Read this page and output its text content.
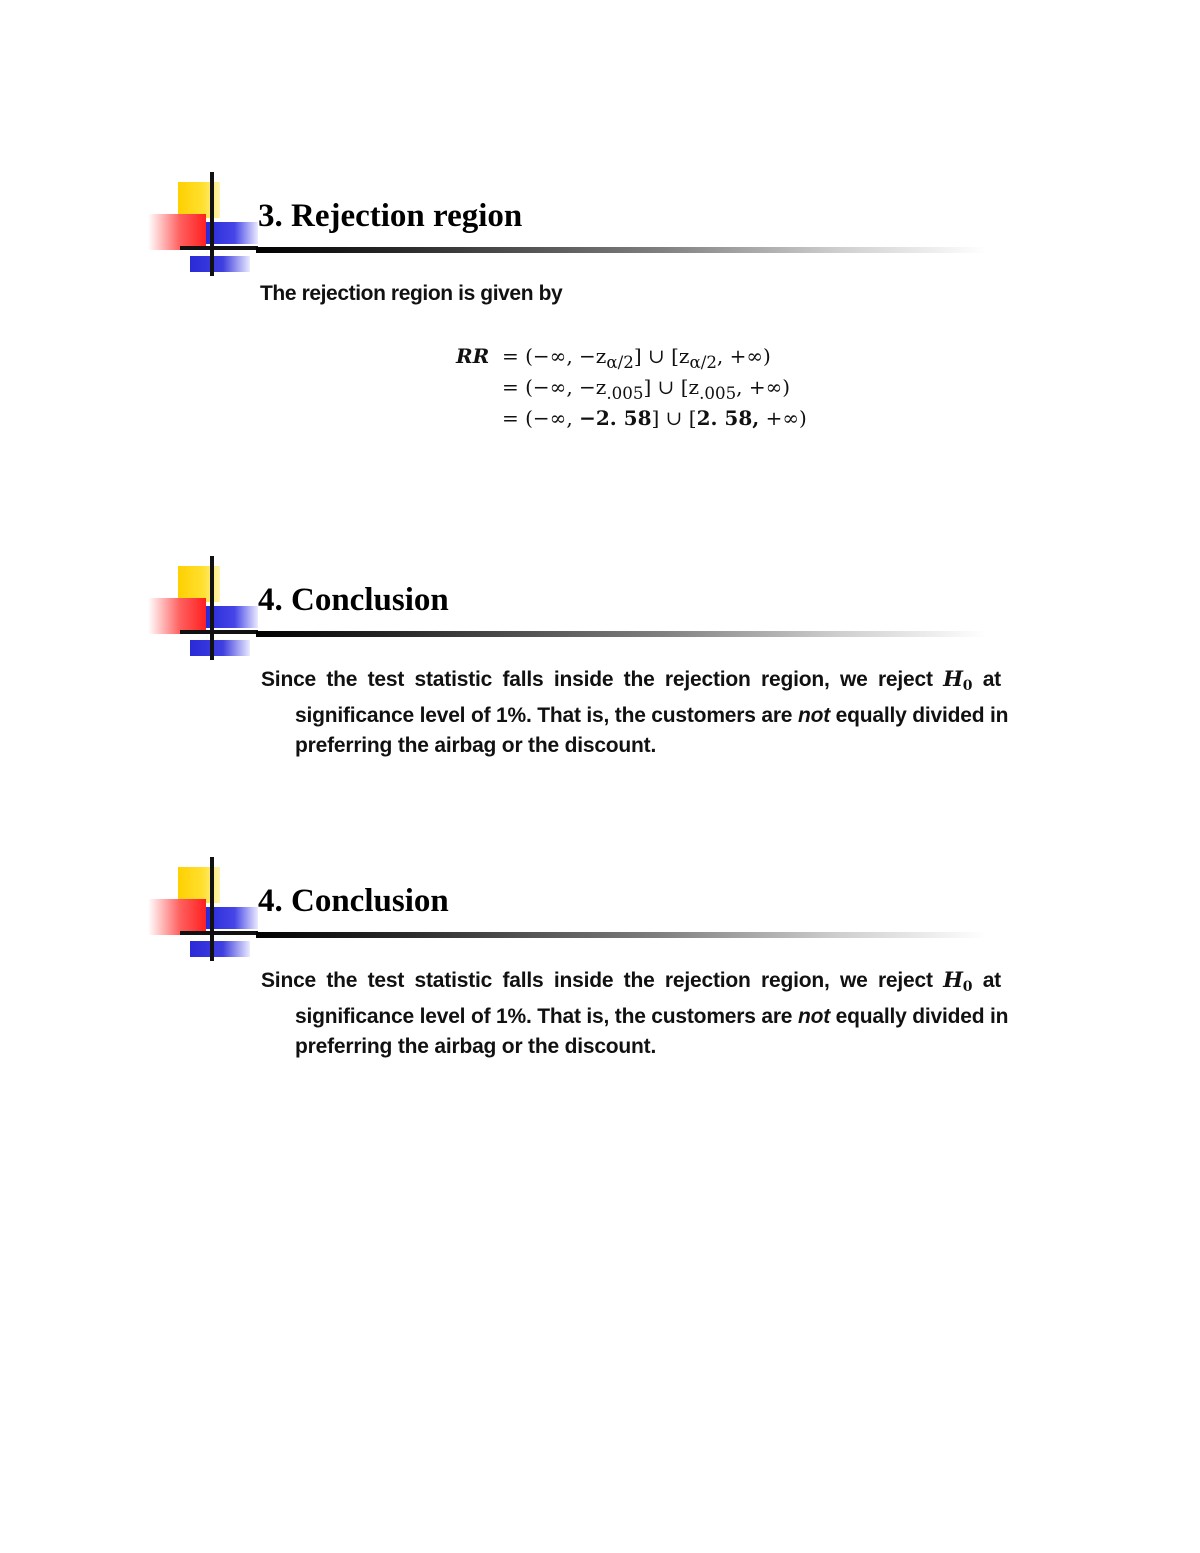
3. Rejection region

The rejection region is given by

RR = (−∞, $-z_{\alpha/2}$] ∪ [$z_{\alpha/2}$, +∞)
= (−∞, $-z_{.005}$] ∪ [$z_{.005}$, +∞)
= (−∞, −2. 58] ∪ [2. 58, +∞)
4. Conclusion

Since the test statistic falls inside the rejection region, we reject $H_0$ at
significance level of 1%. That is, the customers are not equally divided in
preferring the airbag or the discount.

4. Conclusion

Since the test statistic falls inside the rejection region, we reject $H_0$ at
significance level of 1%. That is, the customers are not equally divided in
preferring the airbag or the discount.
